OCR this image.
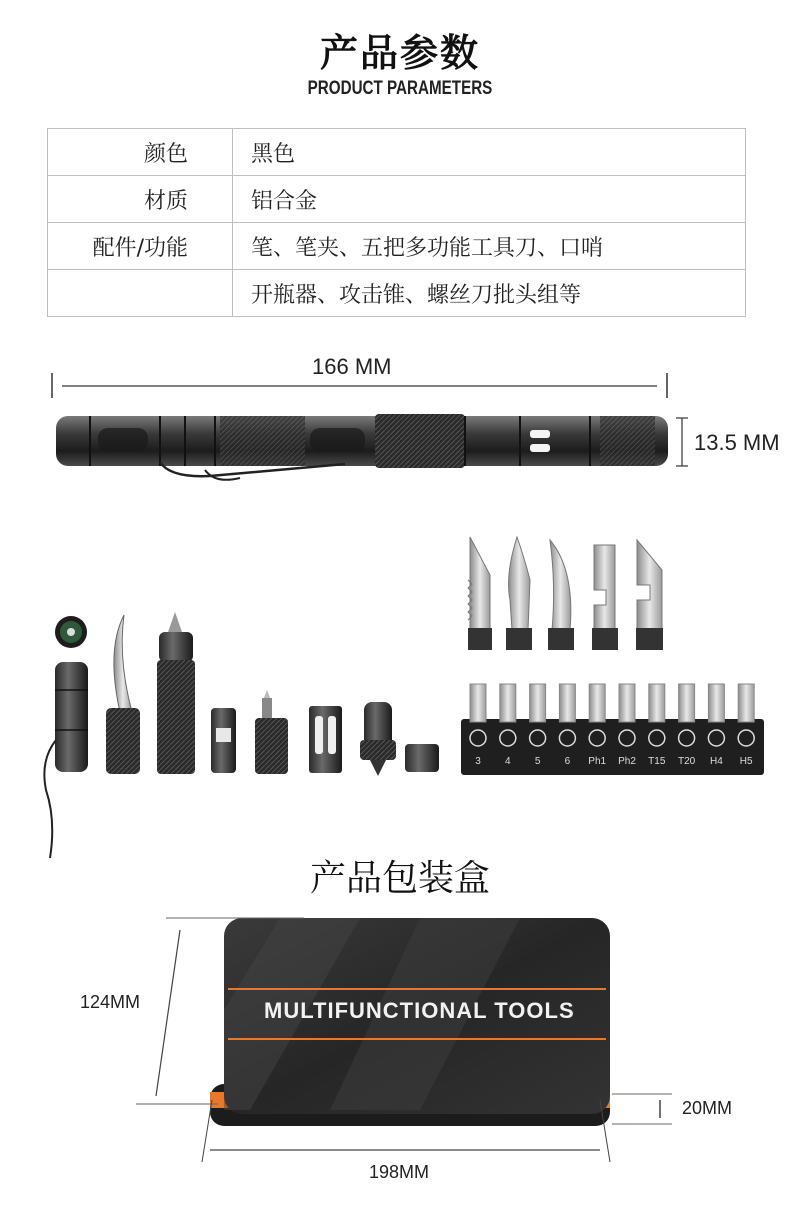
产品参数
PRODUCT PARAMETERS
颜色	黑色
材质	铝合金
配件/功能	笔、笔夹、五把多功能工具刀、口哨
	开瓶器、攻击锥、螺丝刀批头组等
3 4 5 6 Ph1 Ph2 T15 T20 H4 H5
166 MM
13.5 MM
产品包装盒
MULTIFUNCTIONAL TOOLS
124MM
20MM
198MM
